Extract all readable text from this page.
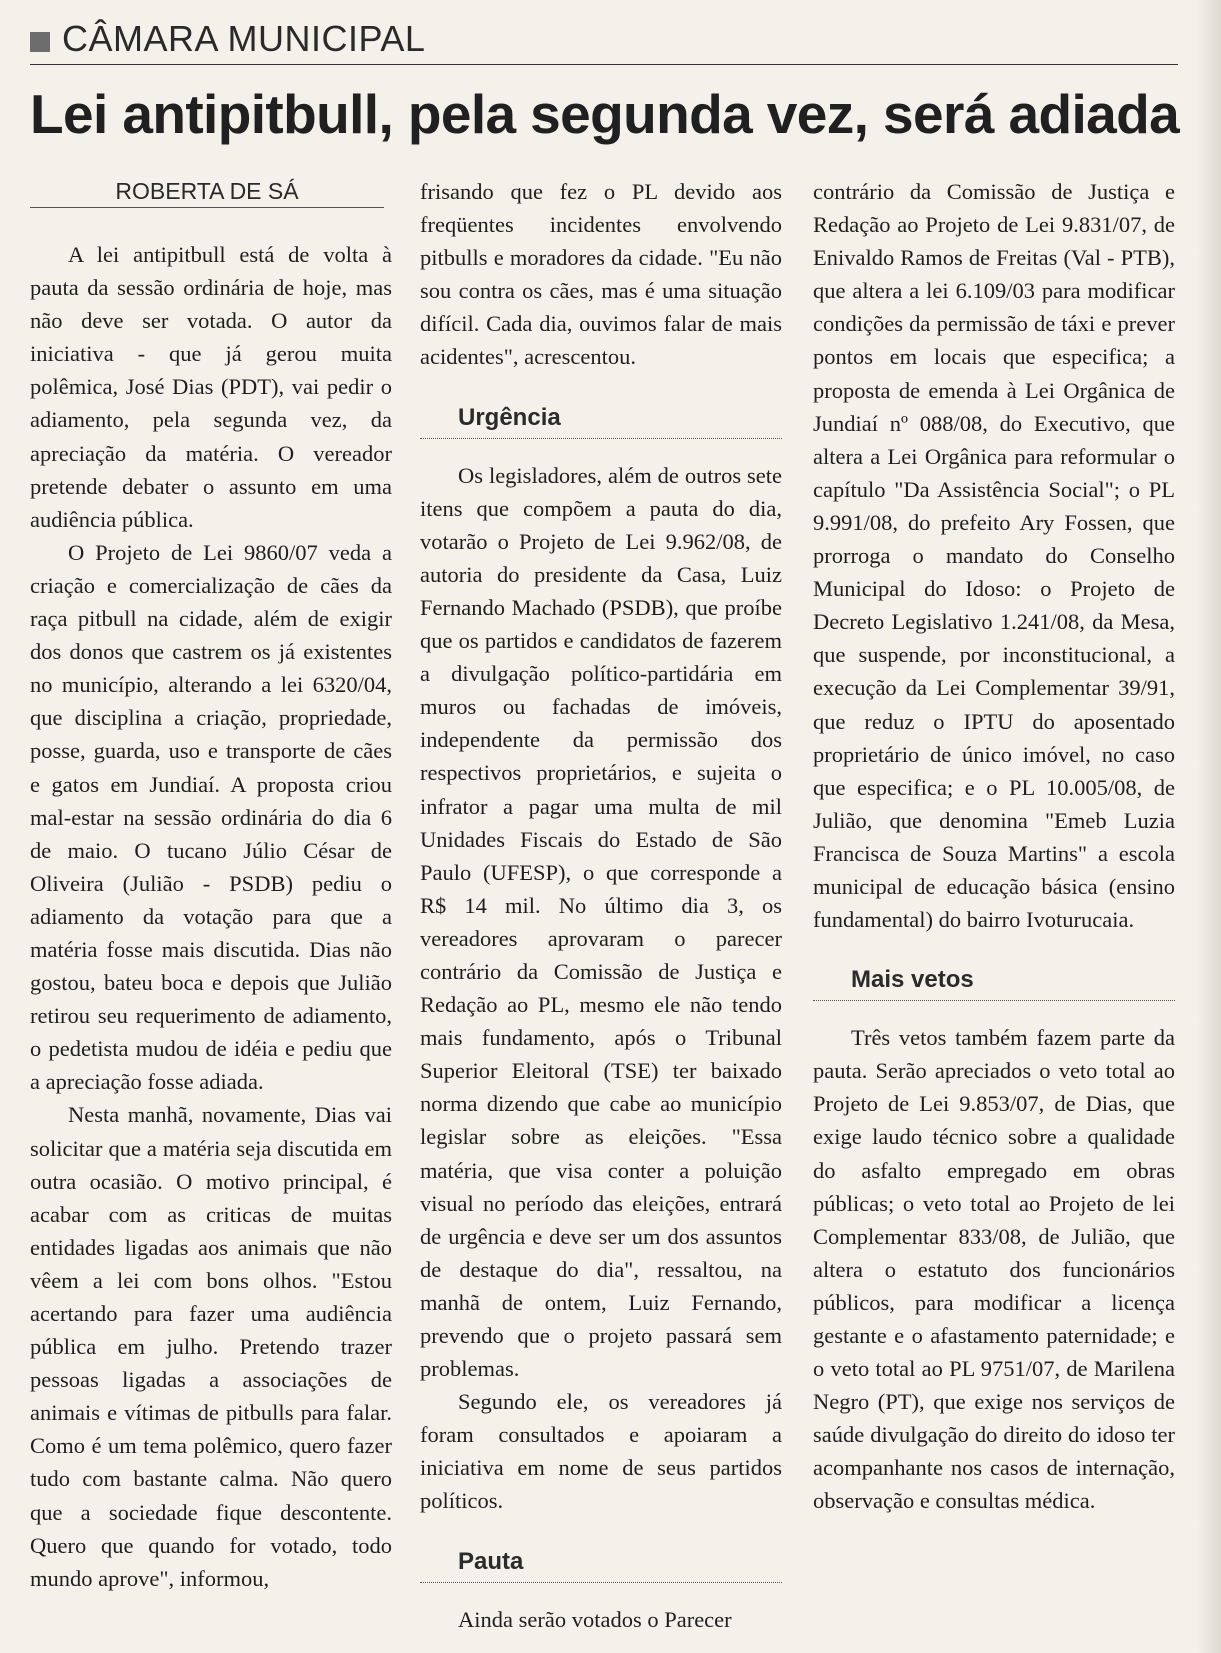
CÂMARA MUNICIPAL
Lei antipitbull, pela segunda vez, será adiada
ROBERTA DE SÁ

A lei antipitbull está de volta à pauta da sessão ordinária de hoje, mas não deve ser votada. O autor da iniciativa - que já gerou muita polêmica, José Dias (PDT), vai pedir o adiamento, pela segunda vez, da apreciação da matéria. O vereador pretende debater o assunto em uma audiência pública.

O Projeto de Lei 9860/07 veda a criação e comercialização de cães da raça pitbull na cidade, além de exigir dos donos que castrem os já existentes no município, alterando a lei 6320/04, que disciplina a criação, propriedade, posse, guarda, uso e transporte de cães e gatos em Jundiaí. A proposta criou mal-estar na sessão ordinária do dia 6 de maio. O tucano Júlio César de Oliveira (Julião - PSDB) pediu o adiamento da votação para que a matéria fosse mais discutida. Dias não gostou, bateu boca e depois que Julião retirou seu requerimento de adiamento, o pedetista mudou de idéia e pediu que a apreciação fosse adiada.

Nesta manhã, novamente, Dias vai solicitar que a matéria seja discutida em outra ocasião. O motivo principal, é acabar com as criticas de muitas entidades ligadas aos animais que não vêem a lei com bons olhos. "Estou acertando para fazer uma audiência pública em julho. Pretendo trazer pessoas ligadas a associações de animais e vítimas de pitbulls para falar. Como é um tema polêmico, quero fazer tudo com bastante calma. Não quero que a sociedade fique descontente. Quero que quando for votado, todo mundo aprove", informou,

frisando que fez o PL devido aos freqüentes incidentes envolvendo pitbulls e moradores da cidade. "Eu não sou contra os cães, mas é uma situação difícil. Cada dia, ouvimos falar de mais acidentes", acrescentou.

Urgência

Os legisladores, além de outros sete itens que compõem a pauta do dia, votarão o Projeto de Lei 9.962/08, de autoria do presidente da Casa, Luiz Fernando Machado (PSDB), que proíbe que os partidos e candidatos de fazerem a divulgação político-partidária em muros ou fachadas de imóveis, independente da permissão dos respectivos proprietários, e sujeita o infrator a pagar uma multa de mil Unidades Fiscais do Estado de São Paulo (UFESP), o que corresponde a R$ 14 mil. No último dia 3, os vereadores aprovaram o parecer contrário da Comissão de Justiça e Redação ao PL, mesmo ele não tendo mais fundamento, após o Tribunal Superior Eleitoral (TSE) ter baixado norma dizendo que cabe ao município legislar sobre as eleições. "Essa matéria, que visa conter a poluição visual no período das eleições, entrará de urgência e deve ser um dos assuntos de destaque do dia", ressaltou, na manhã de ontem, Luiz Fernando, prevendo que o projeto passará sem problemas.

Segundo ele, os vereadores já foram consultados e apoiaram a iniciativa em nome de seus partidos políticos.

Pauta

Ainda serão votados o Parecer

contrário da Comissão de Justiça e Redação ao Projeto de Lei 9.831/07, de Enivaldo Ramos de Freitas (Val - PTB), que altera a lei 6.109/03 para modificar condições da permissão de táxi e prever pontos em locais que especifica; a proposta de emenda à Lei Orgânica de Jundiaí nº 088/08, do Executivo, que altera a Lei Orgânica para reformular o capítulo "Da Assistência Social"; o PL 9.991/08, do prefeito Ary Fossen, que prorroga o mandato do Conselho Municipal do Idoso: o Projeto de Decreto Legislativo 1.241/08, da Mesa, que suspende, por inconstitucional, a execução da Lei Complementar 39/91, que reduz o IPTU do aposentado proprietário de único imóvel, no caso que especifica; e o PL 10.005/08, de Julião, que denomina "Emeb Luzia Francisca de Souza Martins" a escola municipal de educação básica (ensino fundamental) do bairro Ivoturucaia.

Mais vetos

Três vetos também fazem parte da pauta. Serão apreciados o veto total ao Projeto de Lei 9.853/07, de Dias, que exige laudo técnico sobre a qualidade do asfalto empregado em obras públicas; o veto total ao Projeto de lei Complementar 833/08, de Julião, que altera o estatuto dos funcionários públicos, para modificar a licença gestante e o afastamento paternidade; e o veto total ao PL 9751/07, de Marilena Negro (PT), que exige nos serviços de saúde divulgação do direito do idoso ter acompanhante nos casos de internação, observação e consultas médica.
